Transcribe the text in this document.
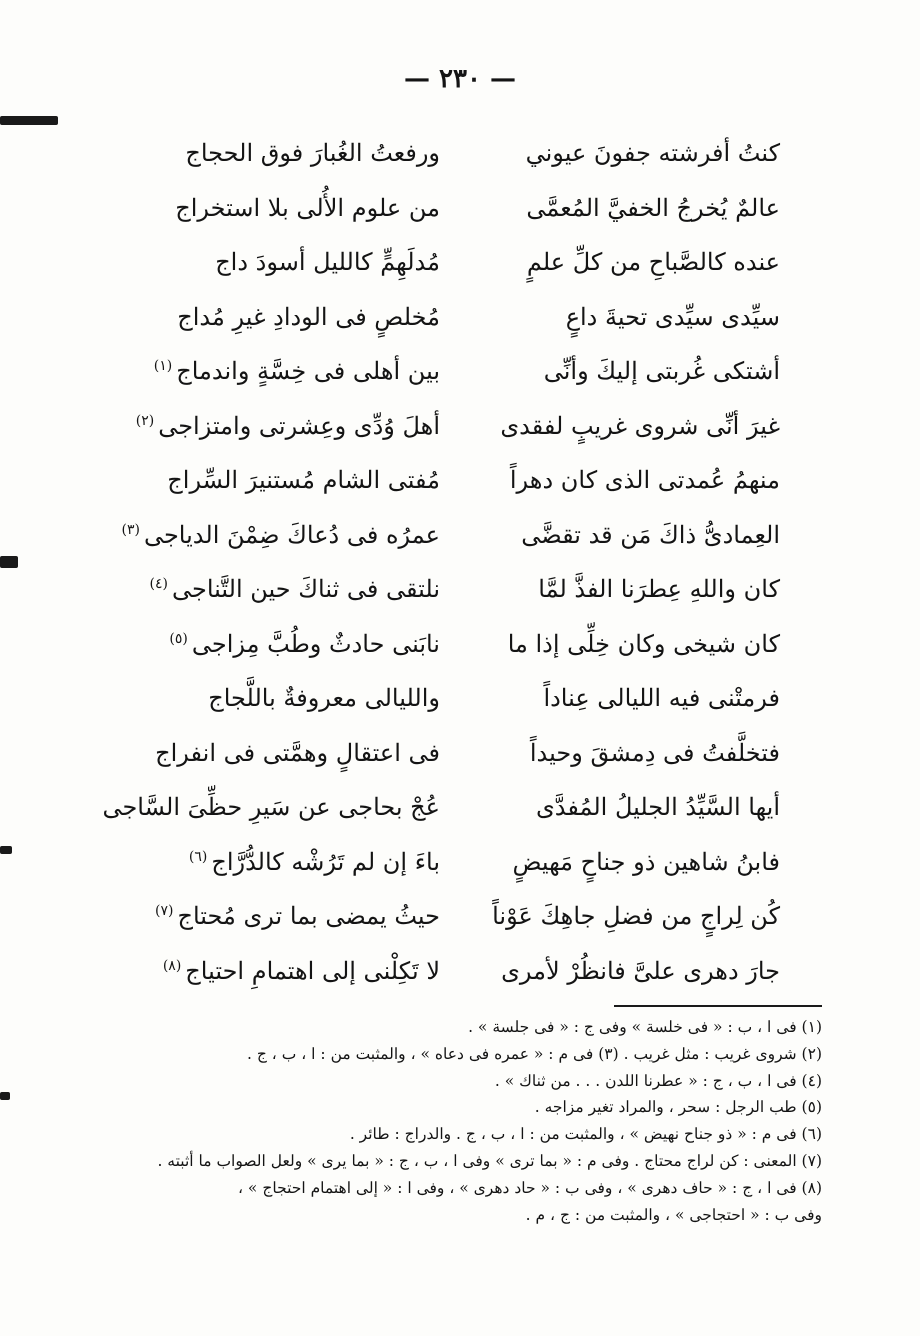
— ٢٣٠ —
كنتُ أفرشته جفونَ عيوني
ورفعتُ الغُبارَ فوق الحجاج
عالمٌ يُخرجُ الخفيَّ المُعمَّى
من علوم الأُلى بلا استخراج
عنده كالصَّباحِ من كلِّ علمٍ
مُدلَهِمٍّ كالليل أسودَ داج
سيِّدى سيِّدى تحيةَ داعٍ
مُخلصٍ فى الودادِ غيرِ مُداج
أشتكى غُربتى إليكَ وأنِّى
بين أهلى فى خِسَّةٍ واندماج$^{(١)}$
غيرَ أنِّى شروى غريبٍ لفقدى
أهلَ وُدِّى وعِشرتى وامتزاجى$^{(٢)}$
منهمُ عُمدتى الذى كان دهراً
مُفتى الشام مُستنيرَ السِّراج
العِمادىُّ ذاكَ مَن قد تقضَّى
عمرُه فى دُعاكَ ضِمْنَ الدياجى$^{(٣)}$
كان واللهِ عِطرَنا الفذَّ لمَّا
نلتقى فى ثناكَ حين التَّناجى$^{(٤)}$
كان شيخى وكان خِلِّى إذا ما
نابَنى حادثٌ وطُبَّ مِزاجى$^{(٥)}$
فرمتْنى فيه الليالى عِناداً
والليالى معروفةٌ باللَّجاج
فتخلَّفتُ فى دِمشقَ وحيداً
فى اعتقالٍ وهمَّتى فى انفراج
أيها السَّيِّدُ الجليلُ المُفدَّى
عُجْ بحاجى عن سَيرِ حظِّىَ السَّاجى
فابنُ شاهين ذو جناحٍ مَهيضٍ
باءَ إن لم تَرُشْه كالدُّرَّاج$^{(٦)}$
كُن لِراجٍ من فضلِ جاهِكَ عَوْناً
حيثُ يمضى بما ترى مُحتاج$^{(٧)}$
جارَ دهرى علىَّ فانظُرْ لأمرى
لا تَكِلْنى إلى اهتمامِ احتياج$^{(٨)}$
(١) فى ا ، ب : « فى خلسة » وفى ج : « فى جلسة » .
(٢) شروى غريب : مثل غريب . (٣) فى م : « عمره فى دعاه » ، والمثبت من : ا ، ب ، ج .
(٤) فى ا ، ب ، ج : « عطرنا اللدن . . . من ثناك » .
(٥) طب الرجل : سحر ، والمراد تغير مزاجه .
(٦) فى م : « ذو جناح نهيض » ، والمثبت من : ا ، ب ، ج . والدراج : طائر .
(٧) المعنى : كن لراج محتاج . وفى م : « بما ترى » وفى ا ، ب ، ج : « بما يرى » ولعل الصواب ما أثبته .
(٨) فى ا ، ج : « حاف دهرى » ، وفى ب : « حاد دهرى » ، وفى ا : « إلى اهتمام احتجاج » ،
وفى ب : « احتجاجى » ، والمثبت من : ج ، م .
